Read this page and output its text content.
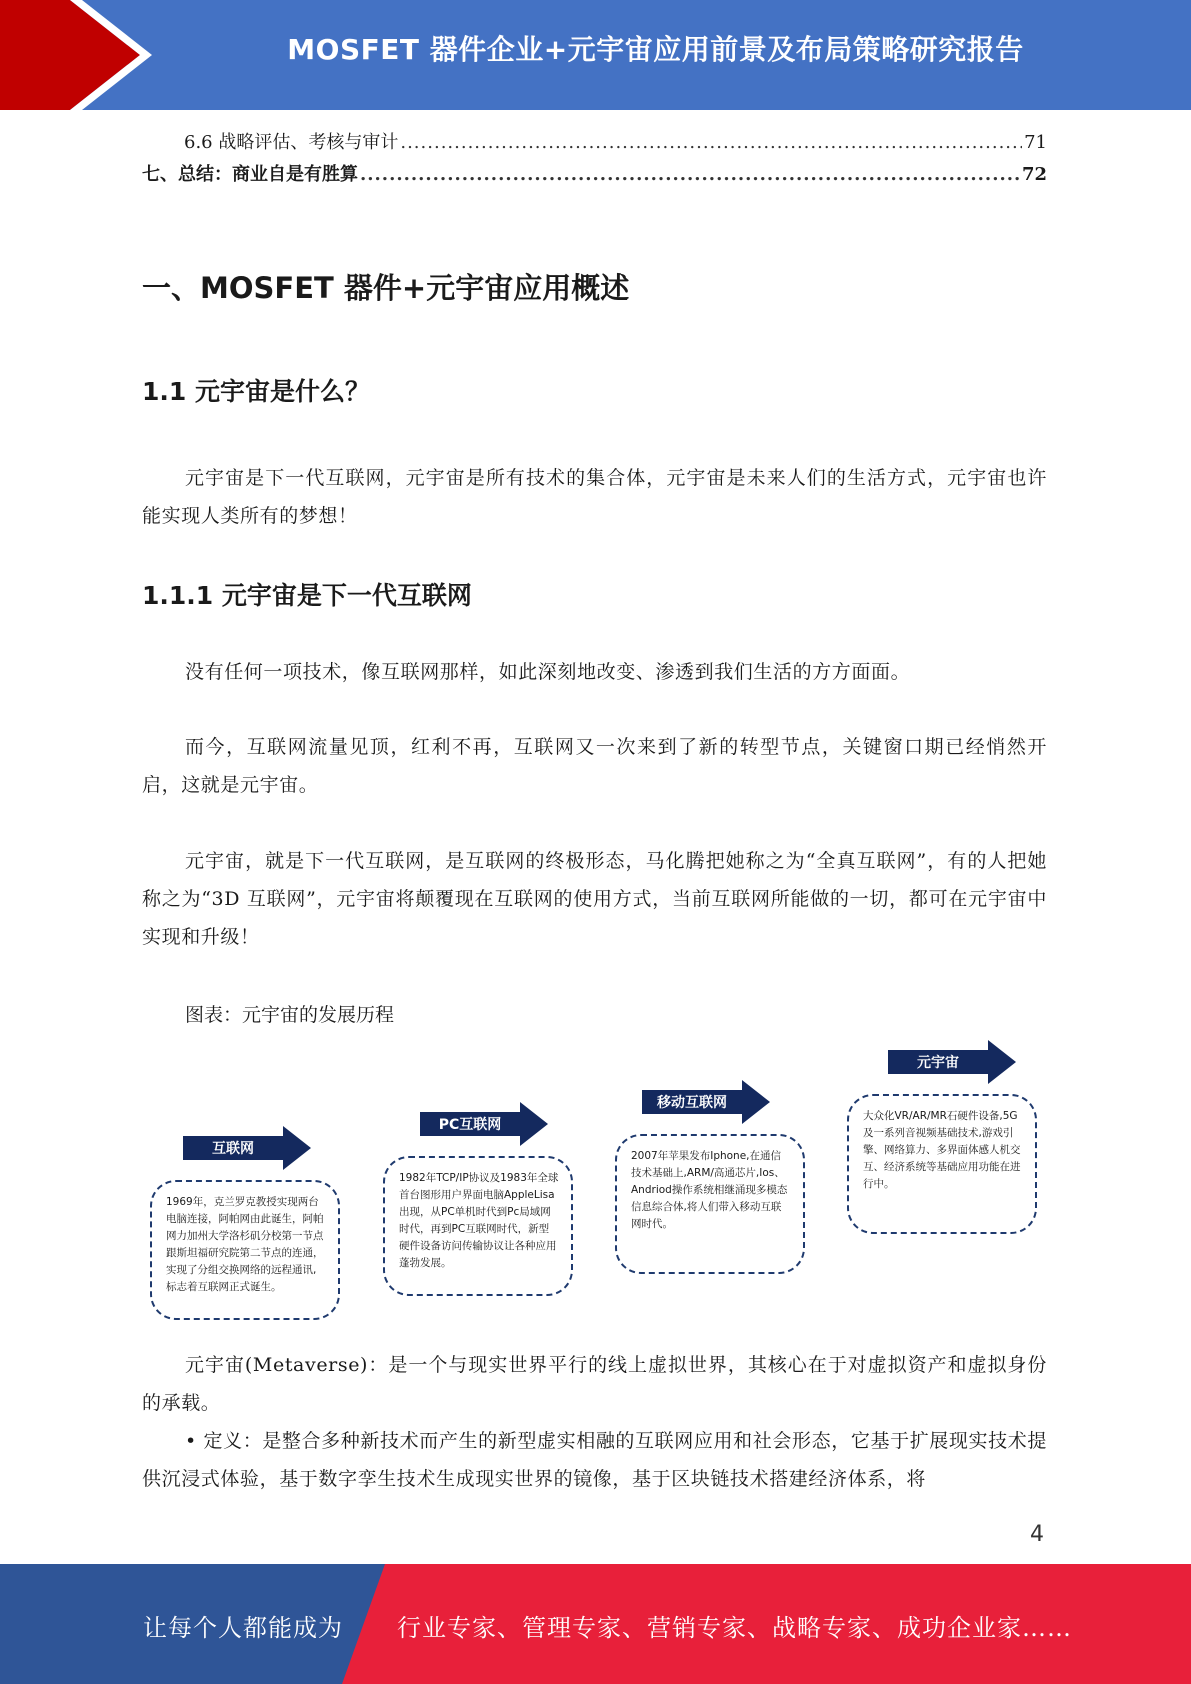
MOSFET 器件企业+元宇宙应用前景及布局策略研究报告
6.6 战略评估、考核与审计 .....	71
七、总结：商业自是有胜算 .....	72
一、MOSFET 器件+元宇宙应用概述
1.1 元宇宙是什么？
元宇宙是下一代互联网，元宇宙是所有技术的集合体，元宇宙是未来人们的生活方式，元宇宙也许能实现人类所有的梦想！
1.1.1 元宇宙是下一代互联网
没有任何一项技术，像互联网那样，如此深刻地改变、渗透到我们生活的方方面面。
而今，互联网流量见顶，红利不再，互联网又一次来到了新的转型节点，关键窗口期已经悄然开启，这就是元宇宙。
元宇宙，就是下一代互联网，是互联网的终极形态，马化腾把她称之为“全真互联网”，有的人把她称之为“3D 互联网”，元宇宙将颠覆现在互联网的使用方式，当前互联网所能做的一切，都可在元宇宙中实现和升级！
图表：元宇宙的发展历程
互联网
1969年，克兰罗克教授实现两台电脑连接，阿帕网由此诞生，阿帕网力加州大学洛杉矶分校第一节点跟斯坦福研究院第二节点的连通，实现了分组交换网络的远程通讯,标志着互联网正式诞生。
PC互联网
1982年TCP/IP协议及1983年全球首台图形用户界面电脑AppleLisa出现，从PC单机时代到Pc局域网时代，再到PC互联网时代，新型硬件设备访问传输协议让各种应用蓬勃发展。
移动互联网
2007年苹果发布Iphone,在通信技术基础上,ARM/高通芯片,Ios、Andriod操作系统相继涌现多模态信息综合体,将人们带入移动互联网时代。
元宇宙
大众化VR/AR/MR石硬件设备,5G及一系列音视频基础技术,游戏引擎、网络算力、多界面体感人机交互、经济系统等基础应用功能在进行中。
元宇宙(Metaverse)：是一个与现实世界平行的线上虚拟世界，其核心在于对虚拟资产和虚拟身份的承载。
• 定义：是整合多种新技术而产生的新型虚实相融的互联网应用和社会形态，它基于扩展现实技术提供沉浸式体验，基于数字孪生技术生成现实世界的镜像，基于区块链技术搭建经济体系，将
4
让每个人都能成为 行业专家、管理专家、营销专家、战略专家、成功企业家……
